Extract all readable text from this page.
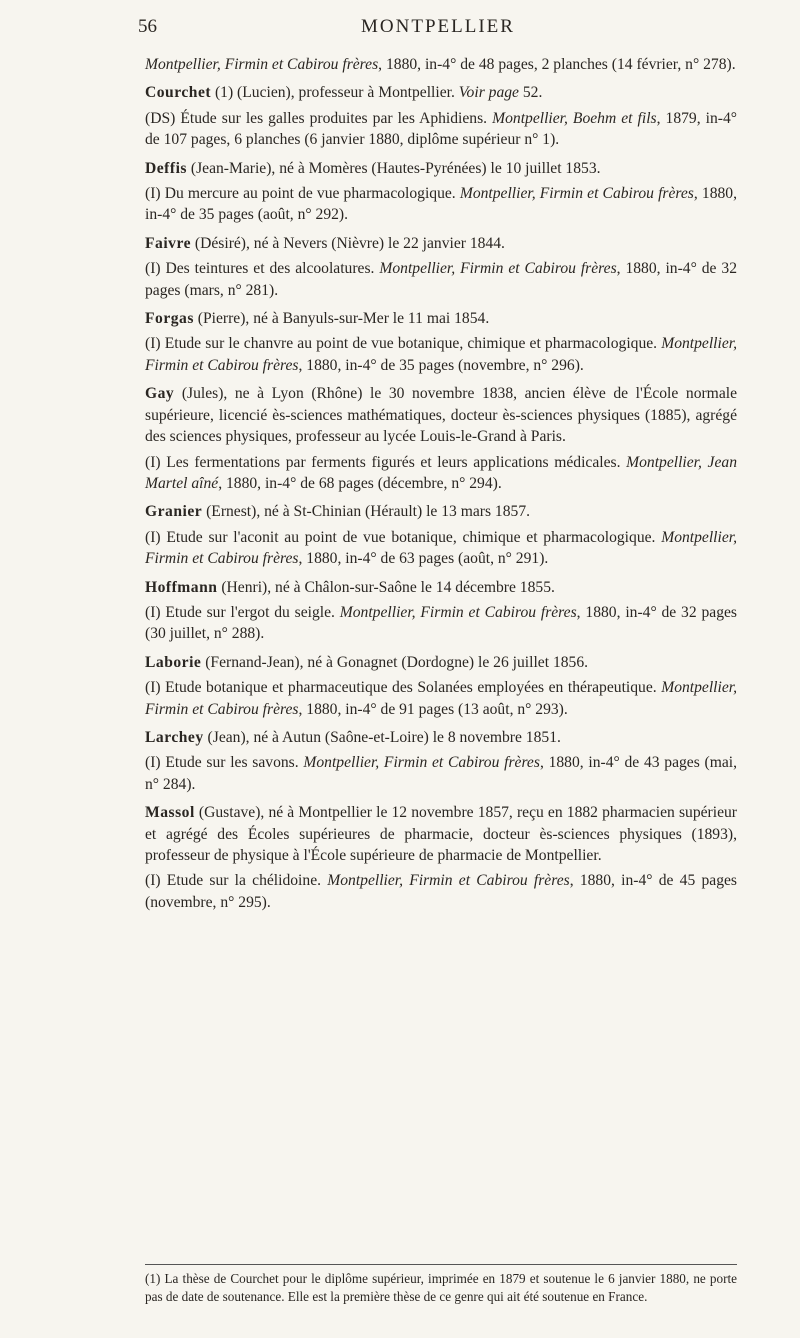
56	MONTPELLIER

Montpellier, Firmin et Cabirou frères, 1880, in-4° de 48 pages, 2 planches (14 février, n° 278).

Courchet (1) (Lucien), professeur à Montpellier. Voir page 52.

(DS) Étude sur les galles produites par les Aphidiens. Montpellier, Boehm et fils, 1879, in-4° de 107 pages, 6 planches (6 janvier 1880, diplôme supérieur n° 1).

Deffis (Jean-Marie), né à Momères (Hautes-Pyrénées) le 10 juillet 1853.

(I) Du mercure au point de vue pharmacologique. Montpellier, Firmin et Cabirou frères, 1880, in-4° de 35 pages (août, n° 292).

Faivre (Désiré), né à Nevers (Nièvre) le 22 janvier 1844.

(I) Des teintures et des alcoolatures. Montpellier, Firmin et Cabirou frères, 1880, in-4° de 32 pages (mars, n° 281).

Forgas (Pierre), né à Banyuls-sur-Mer le 11 mai 1854.

(I) Etude sur le chanvre au point de vue botanique, chimique et pharmacologique. Montpellier, Firmin et Cabirou frères, 1880, in-4° de 35 pages (novembre, n° 296).

Gay (Jules), ne à Lyon (Rhône) le 30 novembre 1838, ancien élève de l'École normale supérieure, licencié ès-sciences mathématiques, docteur ès-sciences physiques (1885), agrégé des sciences physiques, professeur au lycée Louis-le-Grand à Paris.

(I) Les fermentations par ferments figurés et leurs applications médicales. Montpellier, Jean Martel aîné, 1880, in-4° de 68 pages (décembre, n° 294).

Granier (Ernest), né à St-Chinian (Hérault) le 13 mars 1857.

(I) Etude sur l'aconit au point de vue botanique, chimique et pharmacologique. Montpellier, Firmin et Cabirou frères, 1880, in-4° de 63 pages (août, n° 291).

Hoffmann (Henri), né à Châlon-sur-Saône le 14 décembre 1855.

(I) Etude sur l'ergot du seigle. Montpellier, Firmin et Cabirou frères, 1880, in-4° de 32 pages (30 juillet, n° 288).

Laborie (Fernand-Jean), né à Gonagnet (Dordogne) le 26 juillet 1856.

(I) Etude botanique et pharmaceutique des Solanées employées en thérapeutique. Montpellier, Firmin et Cabirou frères, 1880, in-4° de 91 pages (13 août, n° 293).

Larchey (Jean), né à Autun (Saône-et-Loire) le 8 novembre 1851.

(I) Etude sur les savons. Montpellier, Firmin et Cabirou frères, 1880, in-4° de 43 pages (mai, n° 284).

Massol (Gustave), né à Montpellier le 12 novembre 1857, reçu en 1882 pharmacien supérieur et agrégé des Écoles supérieures de pharmacie, docteur ès-sciences physiques (1893), professeur de physique à l'École supérieure de pharmacie de Montpellier.

(I) Etude sur la chélidoine. Montpellier, Firmin et Cabirou frères, 1880, in-4° de 45 pages (novembre, n° 295).

(1) La thèse de Courchet pour le diplôme supérieur, imprimée en 1879 et soutenue le 6 janvier 1880, ne porte pas de date de soutenance. Elle est la première thèse de ce genre qui ait été soutenue en France.
